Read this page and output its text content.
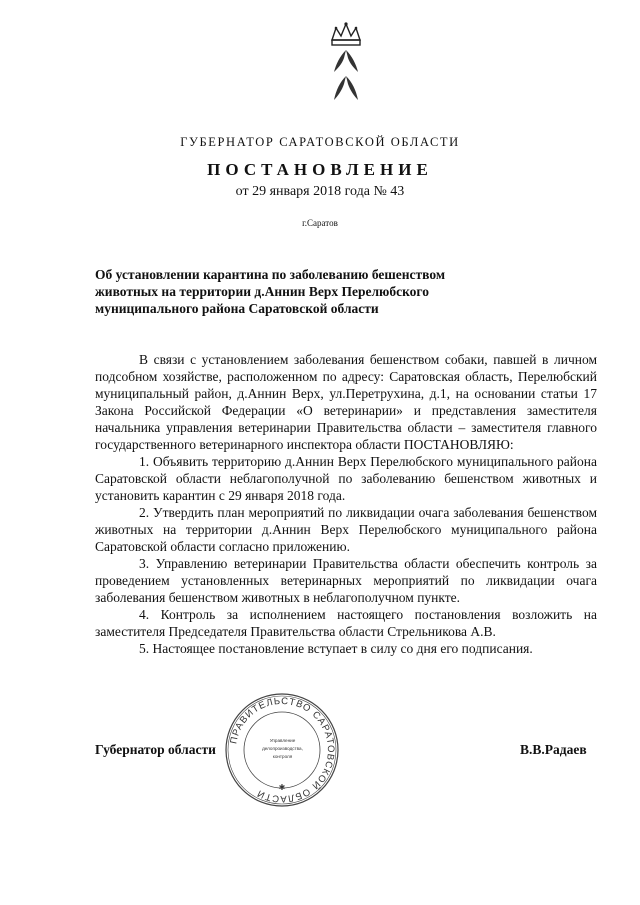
ГУБЕРНАТОР САРАТОВСКОЙ ОБЛАСТИ
ПОСТАНОВЛЕНИЕ
от 29 января 2018 года № 43
г.Саратов
Об установлении карантина по заболеванию бешенством животных на территории д.Аннин Верх Перелюбского муниципального района Саратовской области

В связи с установлением заболевания бешенством собаки, павшей в личном подсобном хозяйстве, расположенном по адресу: Саратовская область, Перелюбский муниципальный район, д.Аннин Верх, ул.Перетрухина, д.1, на основании статьи 17 Закона Российской Федерации «О ветеринарии» и представления заместителя начальника управления ветеринарии Правительства области – заместителя главного государственного ветеринарного инспектора области ПОСТАНОВЛЯЮ:

1. Объявить территорию д.Аннин Верх Перелюбского муниципального района Саратовской области неблагополучной по заболеванию бешенством животных и установить карантин с 29 января 2018 года.

2. Утвердить план мероприятий по ликвидации очага заболевания бешенством животных на территории д.Аннин Верх Перелюбского муниципального района Саратовской области согласно приложению.

3. Управлению ветеринарии Правительства области обеспечить контроль за проведением установленных ветеринарных мероприятий по ликвидации очага заболевания бешенством животных в неблагополучном пункте.

4. Контроль за исполнением настоящего постановления возложить на заместителя Председателя Правительства области Стрельникова А.В.

5. Настоящее постановление вступает в силу со дня его подписания.

ПРАВИТЕЛЬСТВО САРАТОВСКОЙ ОБЛАСТИ	✱
Управление
делопроизводства,
контроля
Губернатор области	В.В.Радаев
